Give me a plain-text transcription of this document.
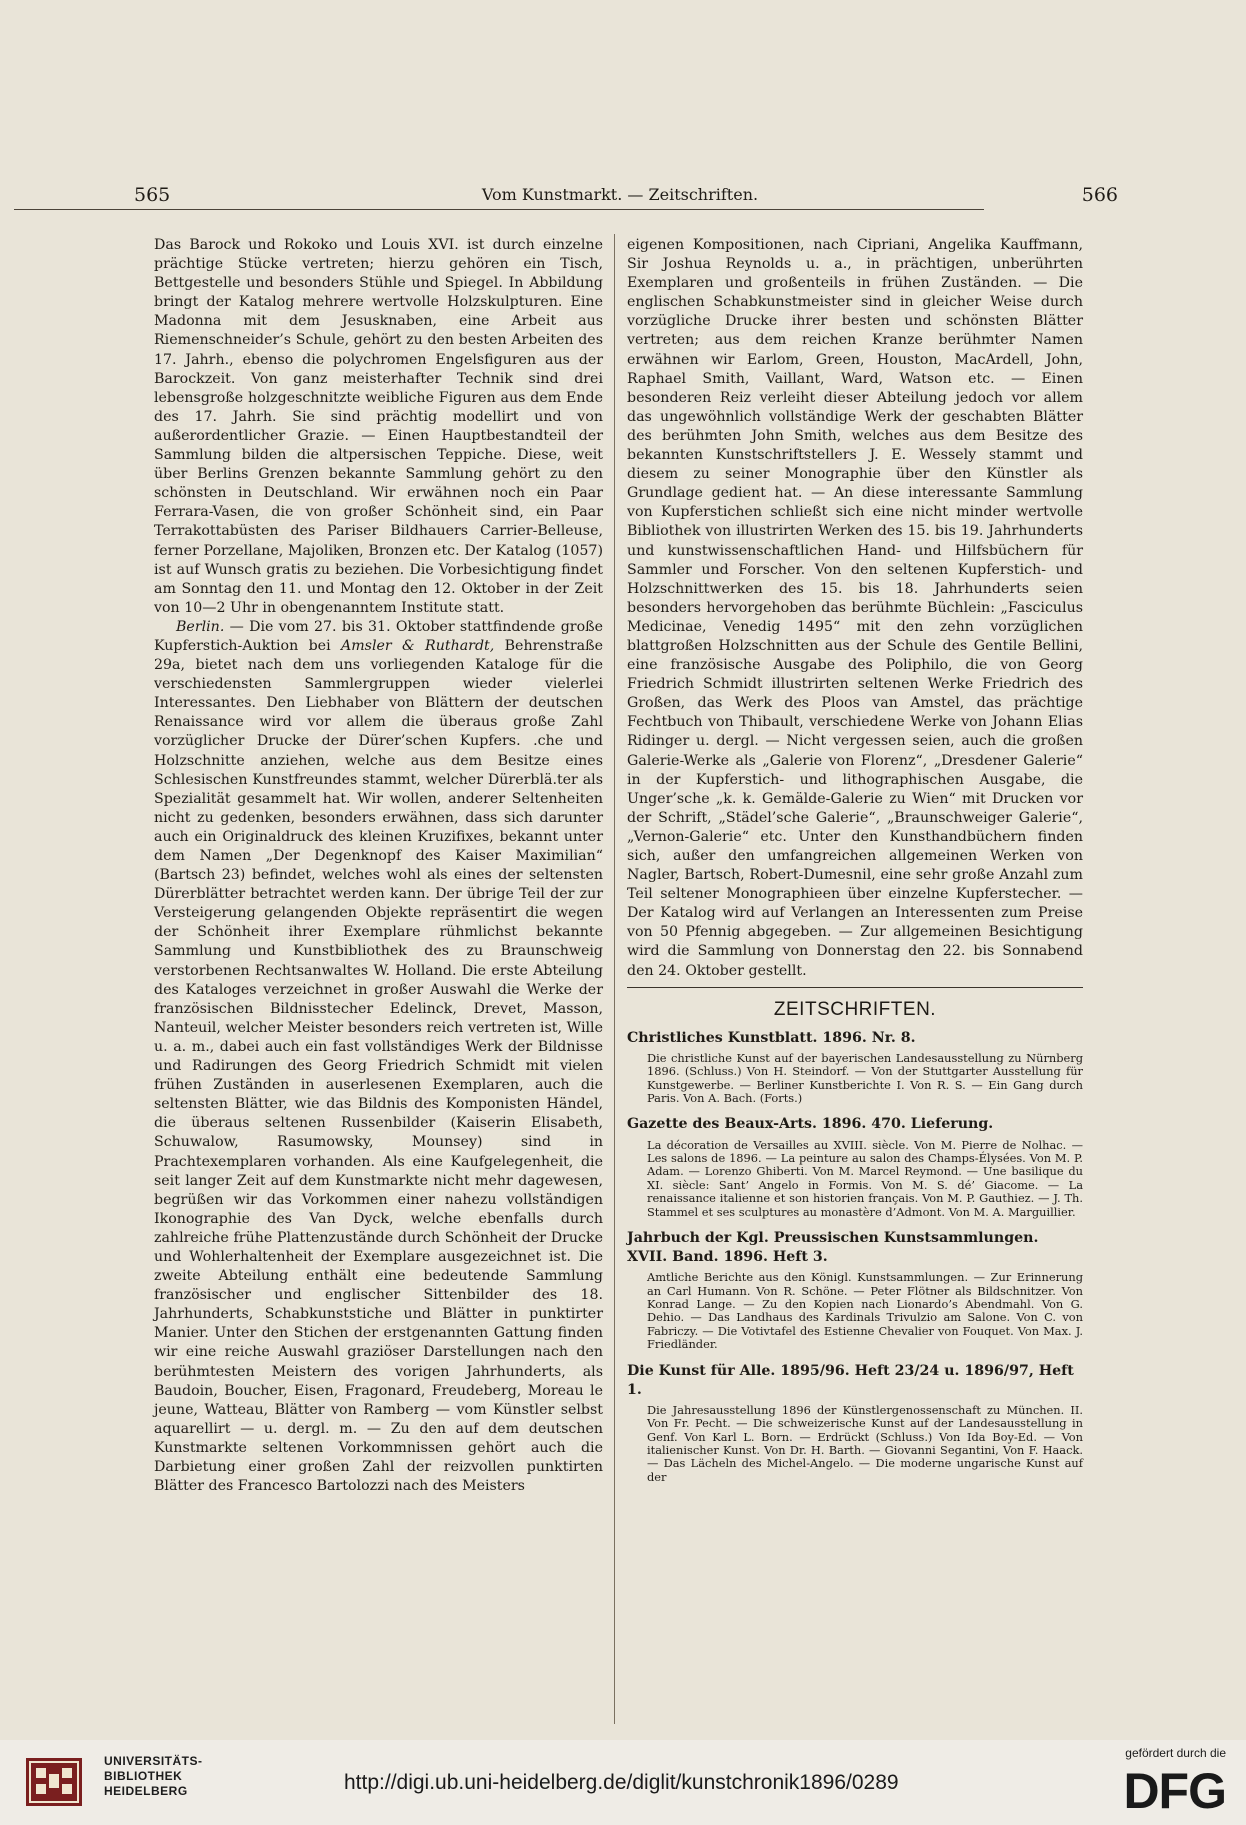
565	Vom Kunstmarkt. — Zeitschriften.	566

Das Barock und Rokoko und Louis XVI. ist durch einzelne prächtige Stücke vertreten; hierzu gehören ein Tisch, Bettgestelle und besonders Stühle und Spiegel. In Abbildung bringt der Katalog mehrere wertvolle Holzskulpturen. Eine Madonna mit dem Jesusknaben, eine Arbeit aus Riemenschneider’s Schule, gehört zu den besten Arbeiten des 17. Jahrh., ebenso die polychromen Engelsfiguren aus der Barockzeit. Von ganz meisterhafter Technik sind drei lebensgroße holzgeschnitzte weibliche Figuren aus dem Ende des 17. Jahrh. Sie sind prächtig modellirt und von außerordentlicher Grazie. — Einen Hauptbestandteil der Sammlung bilden die altpersischen Teppiche. Diese, weit über Berlins Grenzen bekannte Sammlung gehört zu den schönsten in Deutschland. Wir erwähnen noch ein Paar Ferrara-Vasen, die von großer Schönheit sind, ein Paar Terrakottabüsten des Pariser Bildhauers Carrier-Belleuse, ferner Porzellane, Majoliken, Bronzen etc. Der Katalog (1057) ist auf Wunsch gratis zu beziehen. Die Vorbesichtigung findet am Sonntag den 11. und Montag den 12. Oktober in der Zeit von 10—2 Uhr in obengenanntem Institute statt.

Berlin. — Die vom 27. bis 31. Oktober stattfindende große Kupferstich-Auktion bei Amsler & Ruthardt, Behrenstraße 29a, bietet nach dem uns vorliegenden Kataloge für die verschiedensten Sammlergruppen wieder vielerlei Interessantes. Den Liebhaber von Blättern der deutschen Renaissance wird vor allem die überaus große Zahl vorzüglicher Drucke der Dürer’schen Kupfers. .che und Holzschnitte anziehen, welche aus dem Besitze eines Schlesischen Kunstfreundes stammt, welcher Dürerblä.ter als Spezialität gesammelt hat. Wir wollen, anderer Seltenheiten nicht zu gedenken, besonders erwähnen, dass sich darunter auch ein Originaldruck des kleinen Kruzifixes, bekannt unter dem Namen „Der Degenknopf des Kaiser Maximilian“ (Bartsch 23) befindet, welches wohl als eines der seltensten Dürerblätter betrachtet werden kann. Der übrige Teil der zur Versteigerung gelangenden Objekte repräsentirt die wegen der Schönheit ihrer Exemplare rühmlichst bekannte Sammlung und Kunstbibliothek des zu Braunschweig verstorbenen Rechtsanwaltes W. Holland. Die erste Abteilung des Kataloges verzeichnet in großer Auswahl die Werke der französischen Bildnisstecher Edelinck, Drevet, Masson, Nanteuil, welcher Meister besonders reich vertreten ist, Wille u. a. m., dabei auch ein fast vollständiges Werk der Bildnisse und Radirungen des Georg Friedrich Schmidt mit vielen frühen Zuständen in auserlesenen Exemplaren, auch die seltensten Blätter, wie das Bildnis des Komponisten Händel, die überaus seltenen Russenbilder (Kaiserin Elisabeth, Schuwalow, Rasumowsky, Mounsey) sind in Prachtexemplaren vorhanden. Als eine Kaufgelegenheit, die seit langer Zeit auf dem Kunstmarkte nicht mehr dagewesen, begrüßen wir das Vorkommen einer nahezu vollständigen Ikonographie des Van Dyck, welche ebenfalls durch zahlreiche frühe Plattenzustände durch Schönheit der Drucke und Wohlerhaltenheit der Exemplare ausgezeichnet ist. Die zweite Abteilung enthält eine bedeutende Sammlung französischer und englischer Sittenbilder des 18. Jahrhunderts, Schabkunststiche und Blätter in punktirter Manier. Unter den Stichen der erstgenannten Gattung finden wir eine reiche Auswahl graziöser Darstellungen nach den berühmtesten Meistern des vorigen Jahrhunderts, als Baudoin, Boucher, Eisen, Fragonard, Freudeberg, Moreau le jeune, Watteau, Blätter von Ramberg — vom Künstler selbst aquarellirt — u. dergl. m. — Zu den auf dem deutschen Kunstmarkte seltenen Vorkommnissen gehört auch die Darbietung einer großen Zahl der reizvollen punktirten Blätter des Francesco Bartolozzi nach des Meisters

eigenen Kompositionen, nach Cipriani, Angelika Kauffmann, Sir Joshua Reynolds u. a., in prächtigen, unberührten Exemplaren und großenteils in frühen Zuständen. — Die englischen Schabkunstmeister sind in gleicher Weise durch vorzügliche Drucke ihrer besten und schönsten Blätter vertreten; aus dem reichen Kranze berühmter Namen erwähnen wir Earlom, Green, Houston, MacArdell, John, Raphael Smith, Vaillant, Ward, Watson etc. — Einen besonderen Reiz verleiht dieser Abteilung jedoch vor allem das ungewöhnlich vollständige Werk der geschabten Blätter des berühmten John Smith, welches aus dem Besitze des bekannten Kunstschriftstellers J. E. Wessely stammt und diesem zu seiner Monographie über den Künstler als Grundlage gedient hat. — An diese interessante Sammlung von Kupferstichen schließt sich eine nicht minder wertvolle Bibliothek von illustrirten Werken des 15. bis 19. Jahrhunderts und kunstwissenschaftlichen Hand- und Hilfsbüchern für Sammler und Forscher. Von den seltenen Kupferstich- und Holzschnittwerken des 15. bis 18. Jahrhunderts seien besonders hervorgehoben das berühmte Büchlein: „Fasciculus Medicinae, Venedig 1495“ mit den zehn vorzüglichen blattgroßen Holzschnitten aus der Schule des Gentile Bellini, eine französische Ausgabe des Poliphilo, die von Georg Friedrich Schmidt illustrirten seltenen Werke Friedrich des Großen, das Werk des Ploos van Amstel, das prächtige Fechtbuch von Thibault, verschiedene Werke von Johann Elias Ridinger u. dergl. — Nicht vergessen seien, auch die großen Galerie-Werke als „Galerie von Florenz“, „Dresdener Galerie“ in der Kupferstich- und lithographischen Ausgabe, die Unger’sche „k. k. Gemälde-Galerie zu Wien“ mit Drucken vor der Schrift, „Städel’sche Galerie“, „Braunschweiger Galerie“, „Vernon-Galerie“ etc. Unter den Kunsthandbüchern finden sich, außer den umfangreichen allgemeinen Werken von Nagler, Bartsch, Robert-Dumesnil, eine sehr große Anzahl zum Teil seltener Monographieen über einzelne Kupferstecher. — Der Katalog wird auf Verlangen an Interessenten zum Preise von 50 Pfennig abgegeben. — Zur allgemeinen Besichtigung wird die Sammlung von Donnerstag den 22. bis Sonnabend den 24. Oktober gestellt.

ZEITSCHRIFTEN.
Christliches Kunstblatt. 1896. Nr. 8.
Die christliche Kunst auf der bayerischen Landesausstellung zu Nürnberg 1896. (Schluss.) Von H. Steindorf. — Von der Stuttgarter Ausstellung für Kunstgewerbe. — Berliner Kunstberichte I. Von R. S. — Ein Gang durch Paris. Von A. Bach. (Forts.)
Gazette des Beaux-Arts. 1896. 470. Lieferung.
La décoration de Versailles au XVIII. siècle. Von M. Pierre de Nolhac. — Les salons de 1896. — La peinture au salon des Champs-Élysées. Von M. P. Adam. — Lorenzo Ghiberti. Von M. Marcel Reymond. — Une basilique du XI. siècle: Sant’ Angelo in Formis. Von M. S. dé’ Giacome. — La renaissance italienne et son historien français. Von M. P. Gauthiez. — J. Th. Stammel et ses sculptures au monastère d’Admont. Von M. A. Marguillier.
Jahrbuch der Kgl. Preussischen Kunstsammlungen. XVII. Band. 1896. Heft 3.
Amtliche Berichte aus den Königl. Kunstsammlungen. — Zur Erinnerung an Carl Humann. Von R. Schöne. — Peter Flötner als Bildschnitzer. Von Konrad Lange. — Zu den Kopien nach Lionardo’s Abendmahl. Von G. Dehio. — Das Landhaus des Kardinals Trivulzio am Salone. Von C. von Fabriczy. — Die Votivtafel des Estienne Chevalier von Fouquet. Von Max. J. Friedländer.
Die Kunst für Alle. 1895/96. Heft 23/24 u. 1896/97, Heft 1.
Die Jahresausstellung 1896 der Künstlergenossenschaft zu München. II. Von Fr. Pecht. — Die schweizerische Kunst auf der Landesausstellung in Genf. Von Karl L. Born. — Erdrückt (Schluss.) Von Ida Boy-Ed. — Von italienischer Kunst. Von Dr. H. Barth. — Giovanni Segantini, Von F. Haack. — Das Lächeln des Michel-Angelo. — Die moderne ungarische Kunst auf der
UNIVERSITÄTS-
BIBLIOTHEK
HEIDELBERG	http://digi.ub.uni-heidelberg.de/diglit/kunstchronik1896/0289
gefördert durch die
DFG
